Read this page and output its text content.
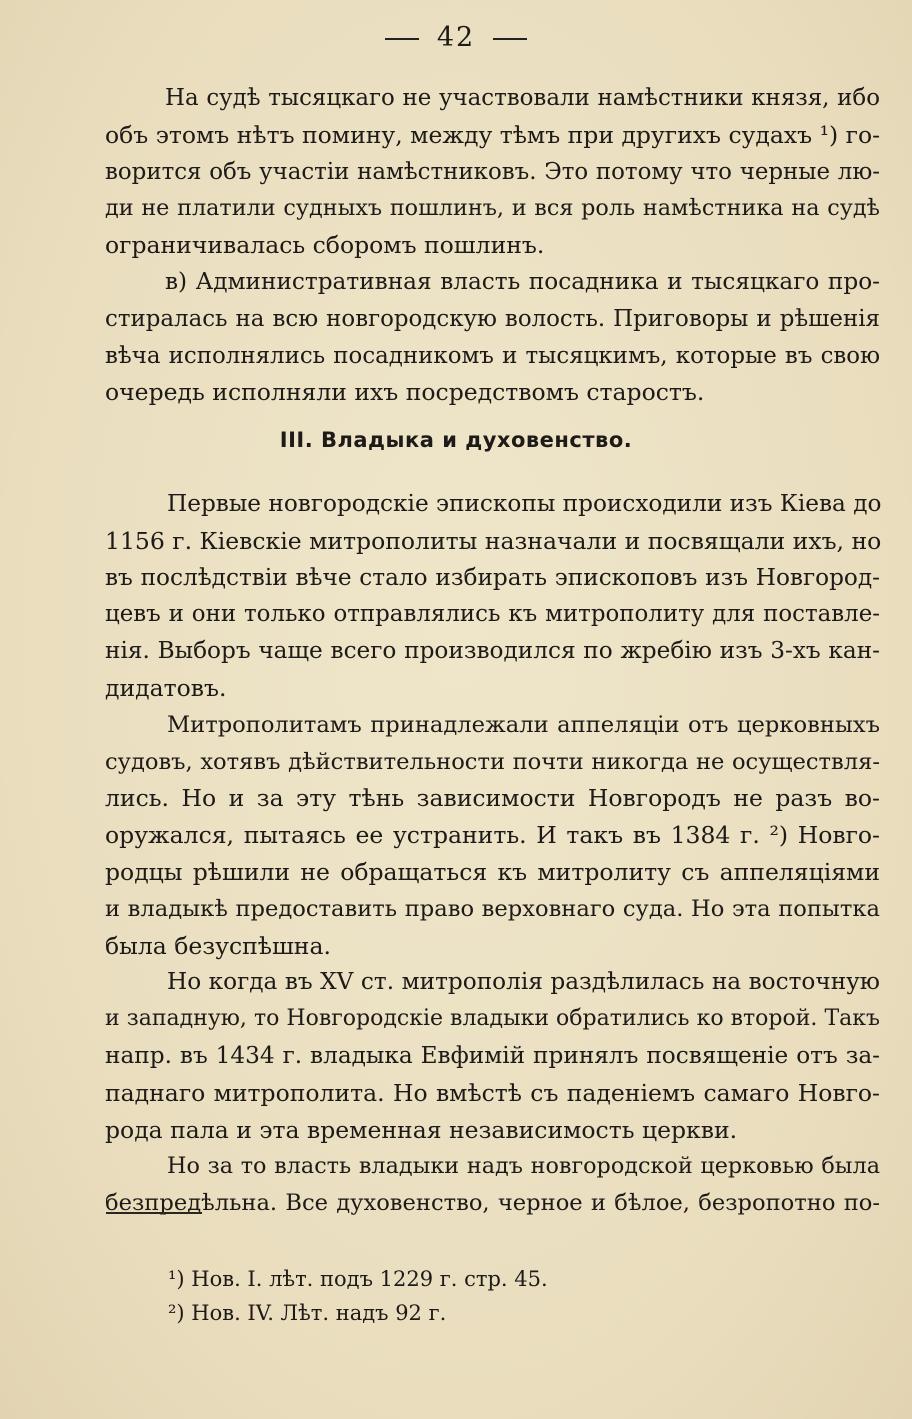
42
На судѣ тысяцкаго не участвовали намѣстники князя, ибо
объ этомъ нѣтъ помину, между тѣмъ при другихъ судахъ ¹) го-
ворится объ участіи намѣстниковъ. Это потому что черные лю-
ди не платили судныхъ пошлинъ, и вся роль намѣстника на судѣ
ограничивалась сборомъ пошлинъ.
в) Административная власть посадника и тысяцкаго про-
стиралась на всю новгородскую волость. Приговоры и рѣшенія
вѣча исполнялись посадникомъ и тысяцкимъ, которые въ свою
очередь исполняли ихъ посредствомъ старостъ.
III. Владыка и духовенство.
Первые новгородскіе эпископы происходили изъ Кіева до
1156 г. Кіевскіе митрополиты назначали и посвящали ихъ, но
въ послѣдствіи вѣче стало избирать эпископовъ изъ Новгород-
цевъ и они только отправлялись къ митрополиту для поставле-
нія. Выборъ чаще всего производился по жребію изъ 3-хъ кан-
дидатовъ.
Митрополитамъ принадлежали аппеляціи отъ церковныхъ
судовъ, хотявъ дѣйствительности почти никогда не осуществля-
лись. Но и за эту тѣнь зависимости Новгородъ не разъ во-
оружался, пытаясь ее устранить. И такъ въ 1384 г. ²) Новго-
родцы рѣшили не обращаться къ митролиту съ аппеляціями
и владыкѣ предоставить право верховнаго суда. Но эта попытка
была безуспѣшна.
Но когда въ XV ст. митрополія раздѣлилась на восточную
и западную, то Новгородскіе владыки обратились ко второй. Такъ
напр. въ 1434 г. владыка Евфимій принялъ посвященіе отъ за-
паднаго митрополита. Но вмѣстѣ съ паденіемъ самаго Новго-
рода пала и эта временная независимость церкви.
Но за то власть владыки надъ новгородской церковью была
безпредѣльна. Все духовенство, черное и бѣлое, безропотно по-
¹) Нов. I. лѣт. подъ 1229 г. стр. 45.
²) Нов. IV. Лѣт. надъ 92 г.
